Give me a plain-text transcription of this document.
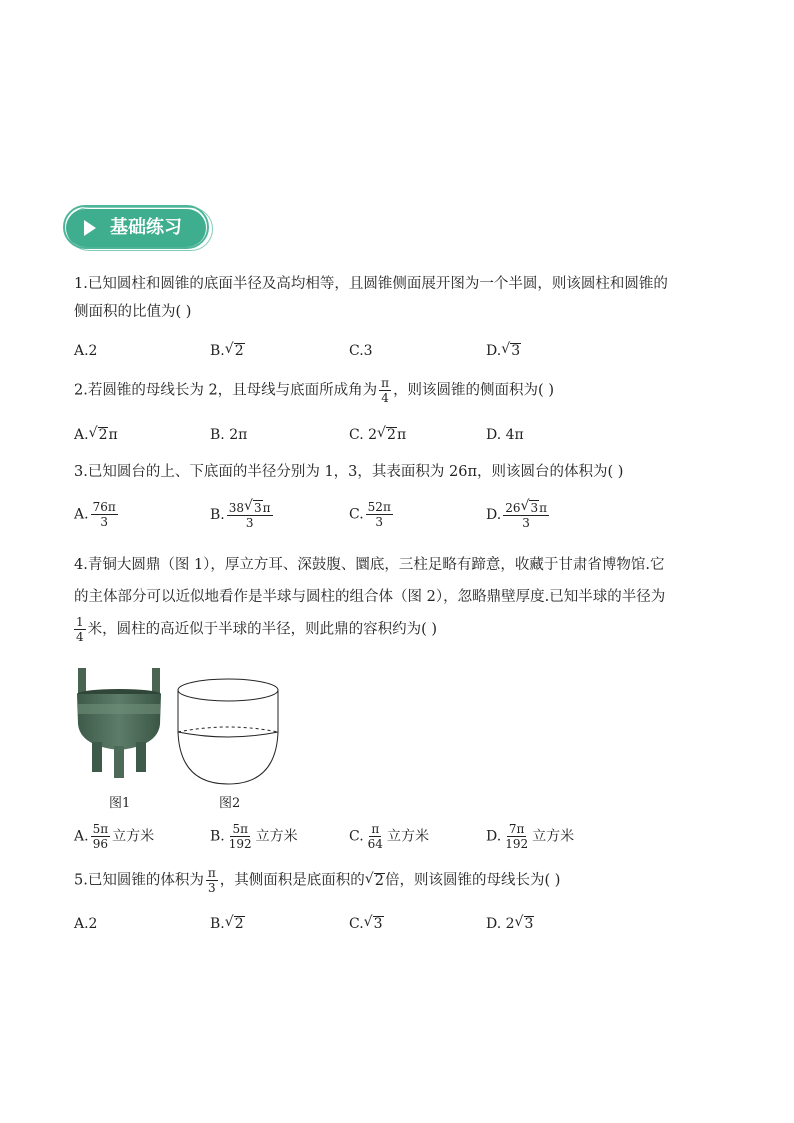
基础练习
1.已知圆柱和圆锥的底面半径及高均相等，且圆锥侧面展开图为一个半圆，则该圆柱和圆锥的
侧面积的比值为( )
A.2	B. √ 2	C.3	D. √ 3
2.若圆锥的母线长为 2，且母线与底面所成角为 $\frac{\pi}{4}$ ，则该圆锥的侧面积为( )
A. √ 2π	B. 2π	C. 2 √ 2π	D. 4π
3.已知圆台的上、下底面的半径分别为 1，3，其表面积为 26π，则该圆台的体积为( )
A. $\frac{76\pi}{3}$	B. $\frac{38 √ 3\pi}{3}$	C. $\frac{52\pi}{3}$	D. $\frac{26 √ 3\pi}{3}$
4.青铜大圆鼎（图 1），厚立方耳、深鼓腹、圜底，三柱足略有蹄意，收藏于甘肃省博物馆.它
的主体部分可以近似地看作是半球与圆柱的组合体（图 2），忽略鼎壁厚度.已知半球的半径为
$\frac{1}{4}$ 米，圆柱的高近似于半球的半径，则此鼎的容积约为( )
图1	图2
A. $\frac{5\pi}{96}$ 立方米	B. $\frac{5\pi}{192}$ 立方米	C. $\frac{\pi}{64}$ 立方米	D. $\frac{7\pi}{192}$ 立方米
5.已知圆锥的体积为 $\frac{\pi}{3}$ ，其侧面积是底面积的 √ 2倍，则该圆锥的母线长为( )
A.2	B. √ 2	C. √ 3	D. 2 √ 3
